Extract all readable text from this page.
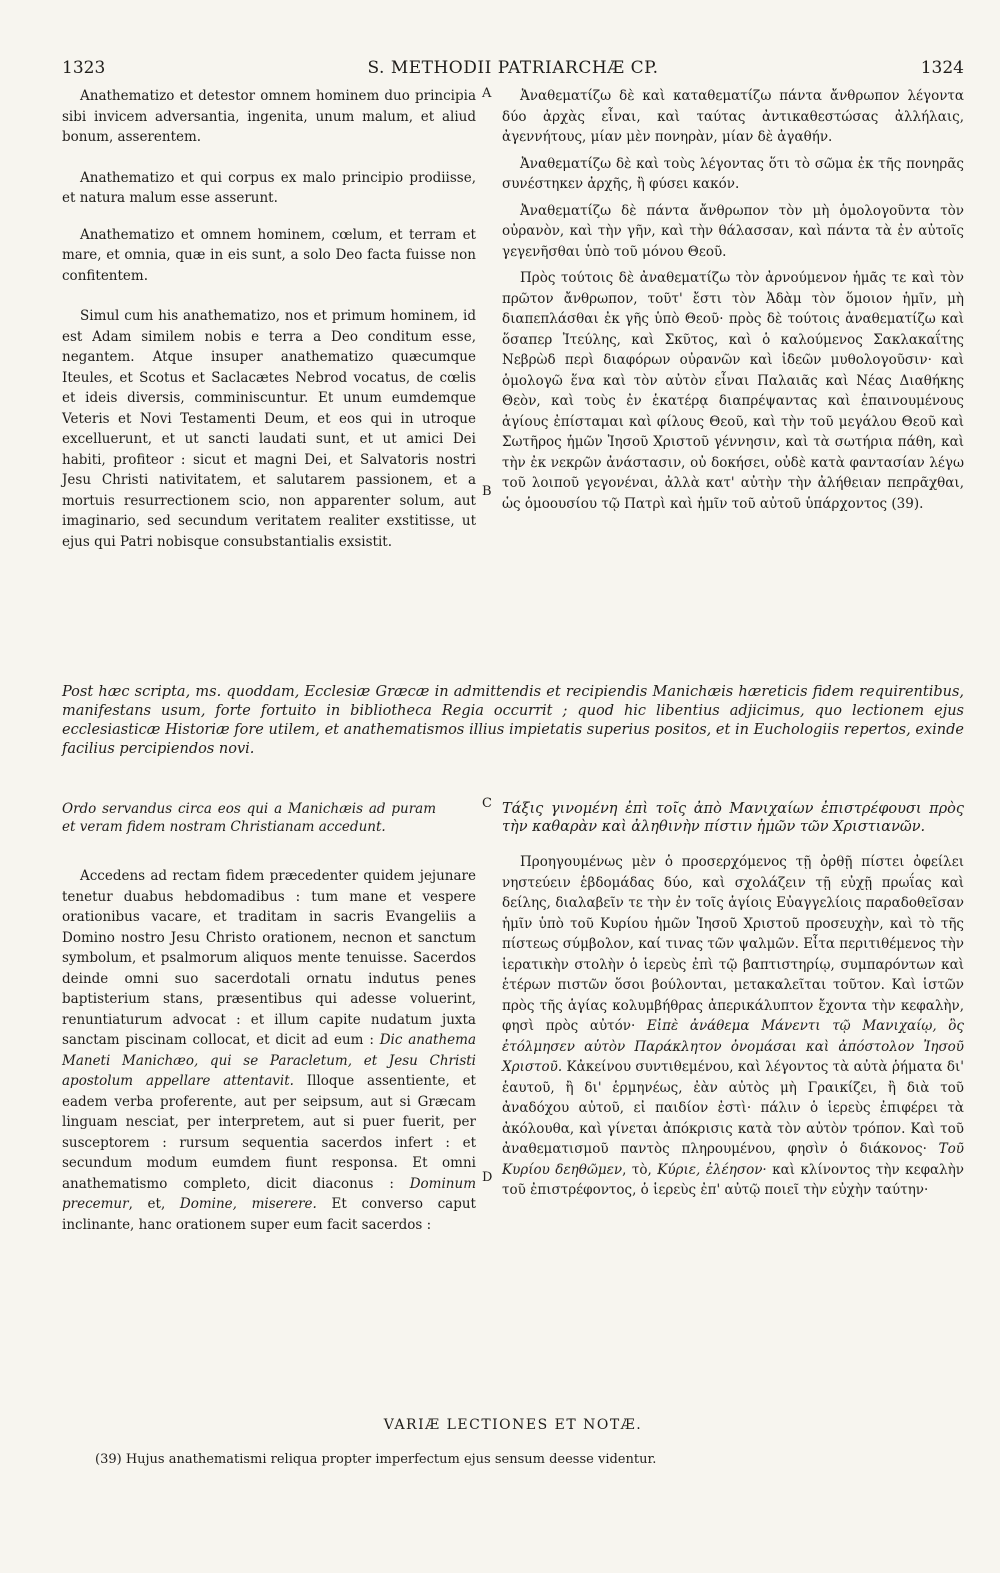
1323	S. METHODII PATRIARCHÆ CP.	1324

Anathematizo et detestor omnem hominem duo principia sibi invicem adversantia, ingenita, unum malum, et aliud bonum, asserentem.

Anathematizo et qui corpus ex malo principio prodiisse, et natura malum esse asserunt.

Anathematizo et omnem hominem, cœlum, et terram et mare, et omnia, quæ in eis sunt, a solo Deo facta fuisse non confitentem.

Simul cum his anathematizo, nos et primum hominem, id est Adam similem nobis e terra a Deo conditum esse, negantem. Atque insuper anathematizo quæcumque Iteules, et Scotus et Saclacætes Nebrod vocatus, de cœlis et ideis diversis, comminiscuntur. Et unum eumdemque Veteris et Novi Testamenti Deum, et eos qui in utroque excelluerunt, et ut sancti laudati sunt, et ut amici Dei habiti, profiteor : sicut et magni Dei, et Salvatoris nostri Jesu Christi nativitatem, et salutarem passionem, et a mortuis resurrectionem scio, non apparenter solum, aut imaginario, sed secundum veritatem realiter exstitisse, ut ejus qui Patri nobisque consubstantialis exsistit.

A
B

Ἀναθεματίζω δὲ καὶ καταθεματίζω πάντα ἄνθρωπον λέγοντα δύο ἀρχὰς εἶναι, καὶ ταύτας ἀντικαθεστώσας ἀλλήλαις, ἀγεννήτους, μίαν μὲν πονηρὰν, μίαν δὲ ἀγαθήν.

Ἀναθεματίζω δὲ καὶ τοὺς λέγοντας ὅτι τὸ σῶμα ἐκ τῆς πονηρᾶς συνέστηκεν ἀρχῆς, ἢ φύσει κακόν.

Ἀναθεματίζω δὲ πάντα ἄνθρωπον τὸν μὴ ὁμολογοῦντα τὸν οὐρανὸν, καὶ τὴν γῆν, καὶ τὴν θάλασσαν, καὶ πάντα τὰ ἐν αὐτοῖς γεγενῆσθαι ὑπὸ τοῦ μόνου Θεοῦ.

Πρὸς τούτοις δὲ ἀναθεματίζω τὸν ἀρνούμενον ἡμᾶς τε καὶ τὸν πρῶτον ἄνθρωπον, τοῦτ' ἔστι τὸν Ἀδὰμ τὸν ὅμοιον ἡμῖν, μὴ διαπεπλάσθαι ἐκ γῆς ὑπὸ Θεοῦ· πρὸς δὲ τούτοις ἀναθεματίζω καὶ ὅσαπερ Ἰτεύλης, καὶ Σκῦτος, καὶ ὁ καλούμενος Σακλακαΐτης Νεβρὼδ περὶ διαφόρων οὐρανῶν καὶ ἰδεῶν μυθολογοῦσιν· καὶ ὁμολογῶ ἕνα καὶ τὸν αὐτὸν εἶναι Παλαιᾶς καὶ Νέας Διαθήκης Θεὸν, καὶ τοὺς ἐν ἑκατέρᾳ διαπρέψαντας καὶ ἐπαινουμένους ἁγίους ἐπίσταμαι καὶ φίλους Θεοῦ, καὶ τὴν τοῦ μεγάλου Θεοῦ καὶ Σωτῆρος ἡμῶν Ἰησοῦ Χριστοῦ γέννησιν, καὶ τὰ σωτήρια πάθη, καὶ τὴν ἐκ νεκρῶν ἀνάστασιν, οὐ δοκήσει, οὐδὲ κατὰ φαντασίαν λέγω τοῦ λοιποῦ γεγονέναι, ἀλλὰ κατ' αὐτὴν τὴν ἀλήθειαν πεπρᾶχθαι, ὡς ὁμοουσίου τῷ Πατρὶ καὶ ἡμῖν τοῦ αὐτοῦ ὑπάρχοντος (39).

Post hæc scripta, ms. quoddam, Ecclesiæ Græcæ in admittendis et recipiendis Manichæis hæreticis fidem requirentibus, manifestans usum, forte fortuito in bibliotheca Regia occurrit ; quod hic libentius adjicimus, quo lectionem ejus ecclesiasticæ Historiæ fore utilem, et anathematismos illius impietatis superius positos, et in Euchologiis repertos, exinde facilius percipiendos novi.
C
D
Ordo servandus circa eos qui a Manichæis ad puram et veram fidem nostram Christianam accedunt.

Accedens ad rectam fidem præcedenter quidem jejunare tenetur duabus hebdomadibus : tum mane et vespere orationibus vacare, et traditam in sacris Evangeliis a Domino nostro Jesu Christo orationem, necnon et sanctum symbolum, et psalmorum aliquos mente tenuisse. Sacerdos deinde omni suo sacerdotali ornatu indutus penes baptisterium stans, præsentibus qui adesse voluerint, renuntiaturum advocat : et illum capite nudatum juxta sanctam piscinam collocat, et dicit ad eum : Dic anathema Maneti Manichæo, qui se Paracletum, et Jesu Christi apostolum appellare attentavit. Illoque assentiente, et eadem verba proferente, aut per seipsum, aut si Græcam linguam nesciat, per interpretem, aut si puer fuerit, per susceptorem : rursum sequentia sacerdos infert : et secundum modum eumdem fiunt responsa. Et omni anathematismo completo, dicit diaconus : Dominum precemur, et, Domine, miserere. Et converso caput inclinante, hanc orationem super eum facit sacerdos :

Τάξις γινομένη ἐπὶ τοῖς ἀπὸ Μανιχαίων ἐπιστρέφουσι πρὸς τὴν καθαρὰν καὶ ἀληθινὴν πίστιν ἡμῶν τῶν Χριστιανῶν.

Προηγουμένως μὲν ὁ προσερχόμενος τῇ ὀρθῇ πίστει ὀφείλει νηστεύειν ἑβδομάδας δύο, καὶ σχολάζειν τῇ εὐχῇ πρωΐας καὶ δείλης, διαλαβεῖν τε τὴν ἐν τοῖς ἁγίοις Εὐαγγελίοις παραδοθεῖσαν ἡμῖν ὑπὸ τοῦ Κυρίου ἡμῶν Ἰησοῦ Χριστοῦ προσευχὴν, καὶ τὸ τῆς πίστεως σύμβολον, καί τινας τῶν ψαλμῶν. Εἶτα περιτιθέμενος τὴν ἱερατικὴν στολὴν ὁ ἱερεὺς ἐπὶ τῷ βαπτιστηρίῳ, συμπαρόντων καὶ ἑτέρων πιστῶν ὅσοι βούλονται, μετακαλεῖται τοῦτον. Καὶ ἱστῶν πρὸς τῆς ἁγίας κολυμβήθρας ἀπερικάλυπτον ἔχοντα τὴν κεφαλὴν, φησὶ πρὸς αὐτόν· Εἰπὲ ἀνάθεμα Μάνεντι τῷ Μανιχαίῳ, ὃς ἐτόλμησεν αὑτὸν Παράκλητον ὀνομάσαι καὶ ἀπόστολον Ἰησοῦ Χριστοῦ. Κἀκείνου συντιθεμένου, καὶ λέγοντος τὰ αὐτὰ ῥήματα δι' ἑαυτοῦ, ἢ δι' ἑρμηνέως, ἐὰν αὐτὸς μὴ Γραικίζει, ἢ διὰ τοῦ ἀναδόχου αὐτοῦ, εἰ παιδίον ἐστὶ· πάλιν ὁ ἱερεὺς ἐπιφέρει τὰ ἀκόλουθα, καὶ γίνεται ἀπόκρισις κατὰ τὸν αὐτὸν τρόπον. Καὶ τοῦ ἀναθεματισμοῦ παντὸς πληρουμένου, φησὶν ὁ διάκονος· Τοῦ Κυρίου δεηθῶμεν, τὸ, Κύριε, ἐλέησον· καὶ κλίνοντος τὴν κεφαλὴν τοῦ ἐπιστρέφοντος, ὁ ἱερεὺς ἐπ' αὐτῷ ποιεῖ τὴν εὐχὴν ταύτην·

VARIÆ LECTIONES ET NOTÆ.
(39) Hujus anathematismi reliqua propter imperfectum ejus sensum deesse videntur.
